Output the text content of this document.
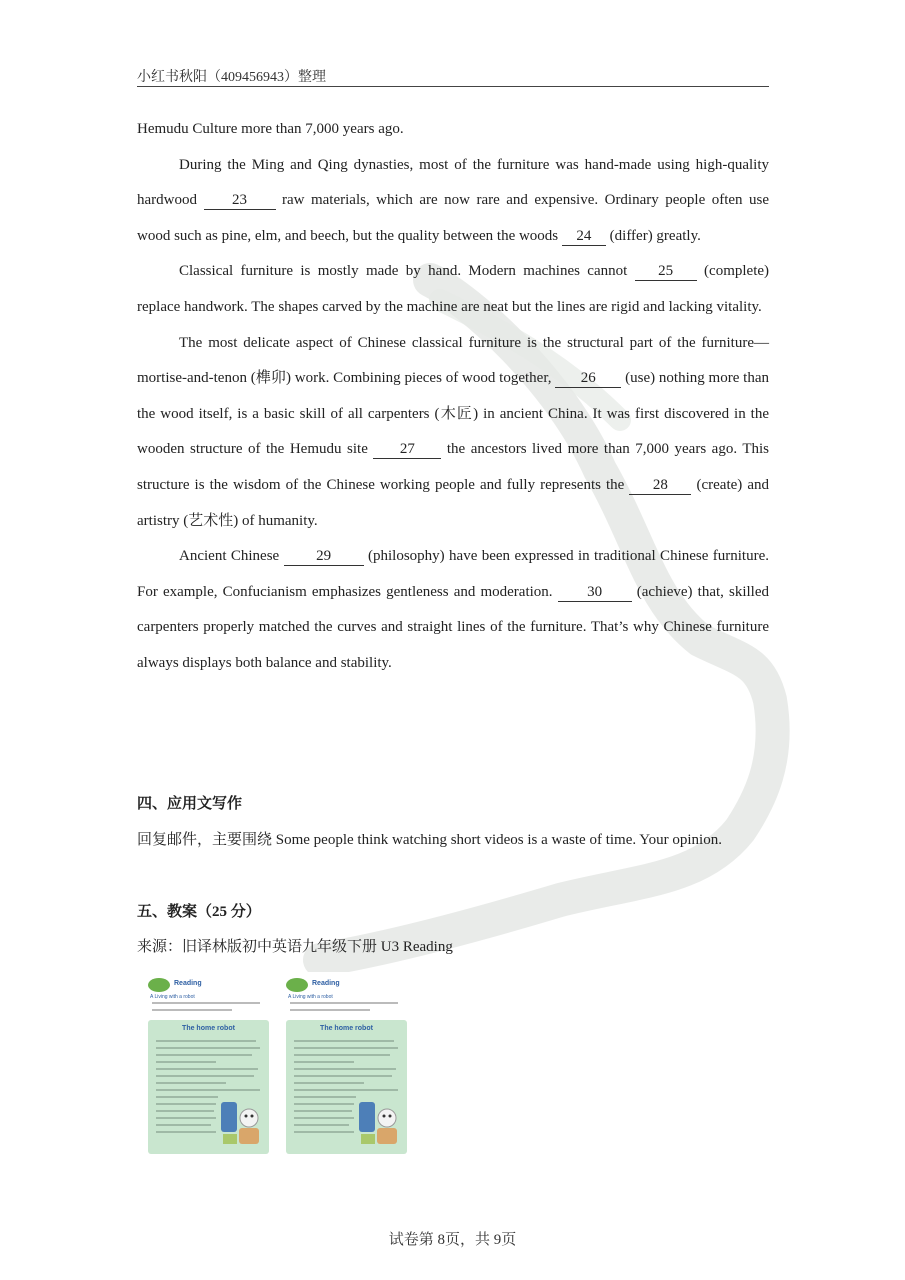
小红书秋阳（409456943）整理

Hemudu Culture more than 7,000 years ago.

During the Ming and Qing dynasties, most of the furniture was hand-made using high-quality hardwood 23 raw materials, which are now rare and expensive. Ordinary people often use wood such as pine, elm, and beech, but the quality between the woods 24 (differ) greatly.

Classical furniture is mostly made by hand. Modern machines cannot 25 (complete) replace handwork. The shapes carved by the machine are neat but the lines are rigid and lacking vitality.

The most delicate aspect of Chinese classical furniture is the structural part of the furniture—mortise-and-tenon (榫卯) work. Combining pieces of wood together, 26 (use) nothing more than the wood itself, is a basic skill of all carpenters (木匠) in ancient China. It was first discovered in the wooden structure of the Hemudu site 27 the ancestors lived more than 7,000 years ago. This structure is the wisdom of the Chinese working people and fully represents the 28 (create) and artistry (艺术性) of humanity.

Ancient Chinese 29 (philosophy) have been expressed in traditional Chinese furniture. For example, Confucianism emphasizes gentleness and moderation. 30 (achieve) that, skilled carpenters properly matched the curves and straight lines of the furniture. That’s why Chinese furniture always displays both balance and stability.

四、应用文写作
回复邮件，主要围绕 Some people think watching short videos is a waste of time. Your opinion.
五、教案（25 分）
来源：旧译林版初中英语九年级下册 U3 Reading
Reading
A Living with a robot
The home robot
Reading
A Living with a robot
The home robot
试卷第 8页，共 9页
